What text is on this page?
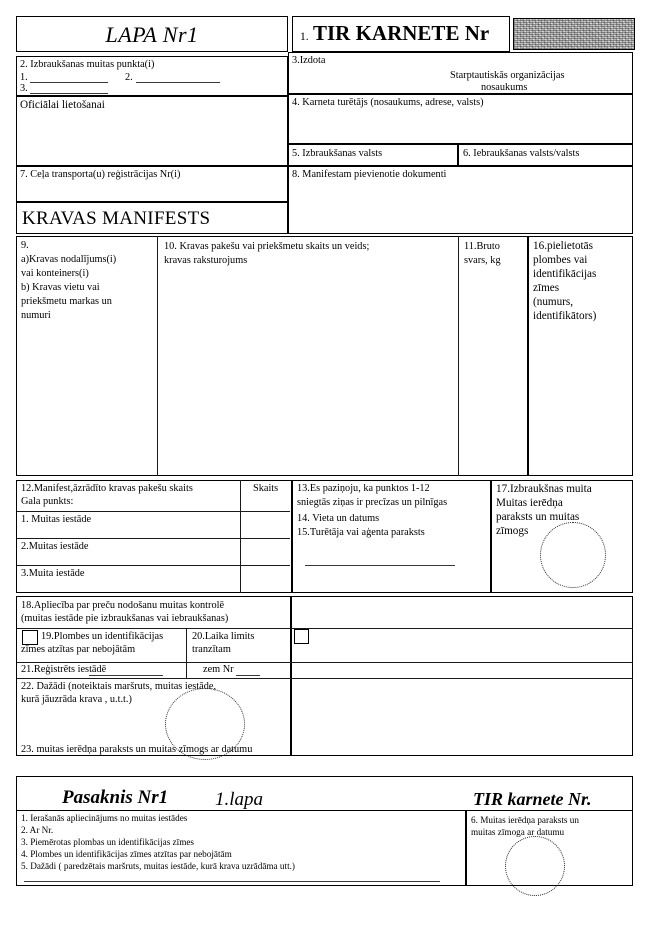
LAPA Nr1	1. TIR KARNETE Nr
2. Izbraukšanas muitas punkta(i)
1.	2.
3.
Oficiālai lietošanai
7. Ceļa transporta(u) reģistrācijas Nr(i)
KRAVAS MANIFESTS
3.Izdota
Starptautiskās organizācijas
nosaukums
4. Karneta turētājs (nosaukums, adrese, valsts)
5. Izbraukšanas valsts	6. Iebraukšanas valsts/valsts
8. Manifestam pievienotie dokumenti
9.
a)Kravas nodalījums(i)
vai konteiners(i)
b) Kravas vietu vai
priekšmetu markas un
numuri
10. Kravas pakešu vai priekšmetu skaits un veids;
kravas raksturojums
11.Bruto
svars, kg
16.pielietotās
plombes vai
identifikācijas
zīmes
(numurs,
identifikātors)
12.Manifest,āzrādīto kravas pakešu skaits
Gala punkts:
Skaits
1. Muitas iestāde
2.Muitas iestāde
3.Muita iestāde
13.Es paziņoju, ka punktos 1-12
sniegtās ziņas ir precīzas un pilnīgas
14. Vieta un datums
15.Turētāja vai aģenta paraksts
17.Izbraukšnas muita
Muitas ierēdņa
paraksts un muitas
zīmogs
18.Apliecība par preču nodošanu muitas kontrolē
(muitas iestāde pie izbraukšanas vai iebraukšanas)
19.Plombes un identifikācijas
zīmes atzītas par nebojātām
20.Laika limits
tranzītam
21.Reģistrēts iestādē	zem Nr
22. Dažādi (noteiktais maršruts, muitas iestāde,
kurā jāuzrāda krava , u.t.t.)
23. muitas ierēdņa paraksts un muitas zīmogs ar datumu
Pasaknis Nr1 1.lapa	TIR karnete Nr.
1. Ierašanās apliecinājums no muitas iestādes
2. Ar Nr.
3. Piemērotas plombas un identifikācijas zīmes
4. Plombes un identifikācijas zīmes atzītas par nebojātām
5. Dažādi ( paredzētais maršruts, muitas iestāde, kurā krava uzrādāma utt.)
6. Muitas ierēdņa paraksts un
muitas zīmoga ar datumu
